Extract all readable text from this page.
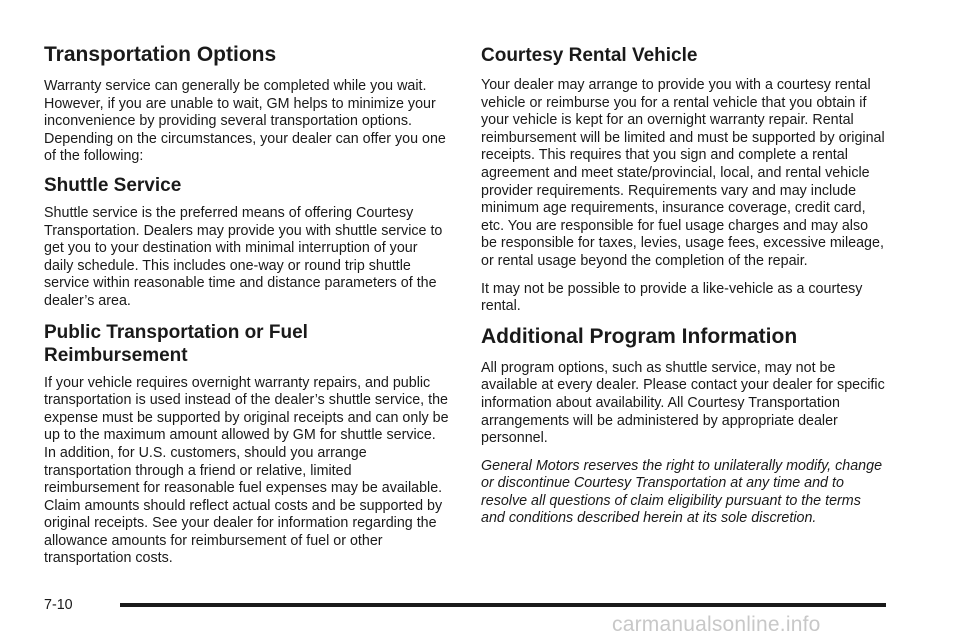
Transportation Options

Warranty service can generally be completed while you wait. However, if you are unable to wait, GM helps to minimize your inconvenience by providing several transportation options. Depending on the circumstances, your dealer can offer you one of the following:

Shuttle Service

Shuttle service is the preferred means of offering Courtesy Transportation. Dealers may provide you with shuttle service to get you to your destination with minimal interruption of your daily schedule. This includes one-way or round trip shuttle service within reasonable time and distance parameters of the dealer’s area.

Public Transportation or Fuel Reimbursement

If your vehicle requires overnight warranty repairs, and public transportation is used instead of the dealer’s shuttle service, the expense must be supported by original receipts and can only be up to the maximum amount allowed by GM for shuttle service. In addition, for U.S. customers, should you arrange transportation through a friend or relative, limited reimbursement for reasonable fuel expenses may be available. Claim amounts should reflect actual costs and be supported by original receipts. See your dealer for information regarding the allowance amounts for reimbursement of fuel or other transportation costs.

Courtesy Rental Vehicle

Your dealer may arrange to provide you with a courtesy rental vehicle or reimburse you for a rental vehicle that you obtain if your vehicle is kept for an overnight warranty repair. Rental reimbursement will be limited and must be supported by original receipts. This requires that you sign and complete a rental agreement and meet state/provincial, local, and rental vehicle provider requirements. Requirements vary and may include minimum age requirements, insurance coverage, credit card, etc. You are responsible for fuel usage charges and may also be responsible for taxes, levies, usage fees, excessive mileage, or rental usage beyond the completion of the repair.

It may not be possible to provide a like-vehicle as a courtesy rental.

Additional Program Information

All program options, such as shuttle service, may not be available at every dealer. Please contact your dealer for specific information about availability. All Courtesy Transportation arrangements will be administered by appropriate dealer personnel.

General Motors reserves the right to unilaterally modify, change or discontinue Courtesy Transportation at any time and to resolve all questions of claim eligibility pursuant to the terms and conditions described herein at its sole discretion.

7-10
carmanualsonline.info
